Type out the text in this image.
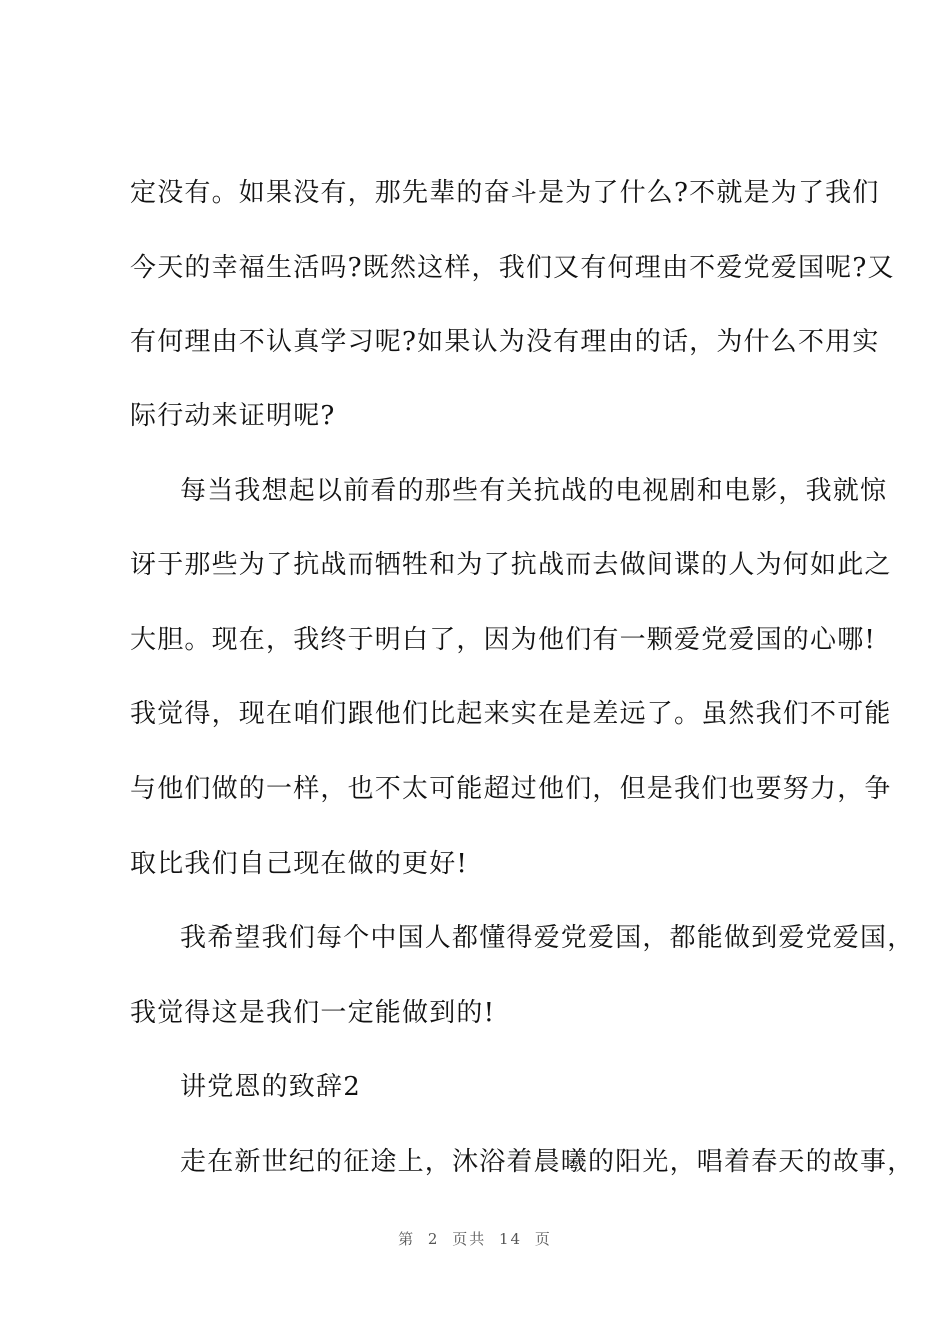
定没有。如果没有，那先辈的奋斗是为了什么?不就是为了我们
今天的幸福生活吗?既然这样，我们又有何理由不爱党爱国呢?又
有何理由不认真学习呢?如果认为没有理由的话，为什么不用实
际行动来证明呢?
每当我想起以前看的那些有关抗战的电视剧和电影，我就惊
讶于那些为了抗战而牺牲和为了抗战而去做间谍的人为何如此之
大胆。现在，我终于明白了，因为他们有一颗爱党爱国的心哪!
我觉得，现在咱们跟他们比起来实在是差远了。虽然我们不可能
与他们做的一样，也不太可能超过他们，但是我们也要努力，争
取比我们自己现在做的更好!
我希望我们每个中国人都懂得爱党爱国，都能做到爱党爱国，
我觉得这是我们一定能做到的!
讲党恩的致辞2
走在新世纪的征途上，沐浴着晨曦的阳光，唱着春天的故事，
第 2 页共 14 页
